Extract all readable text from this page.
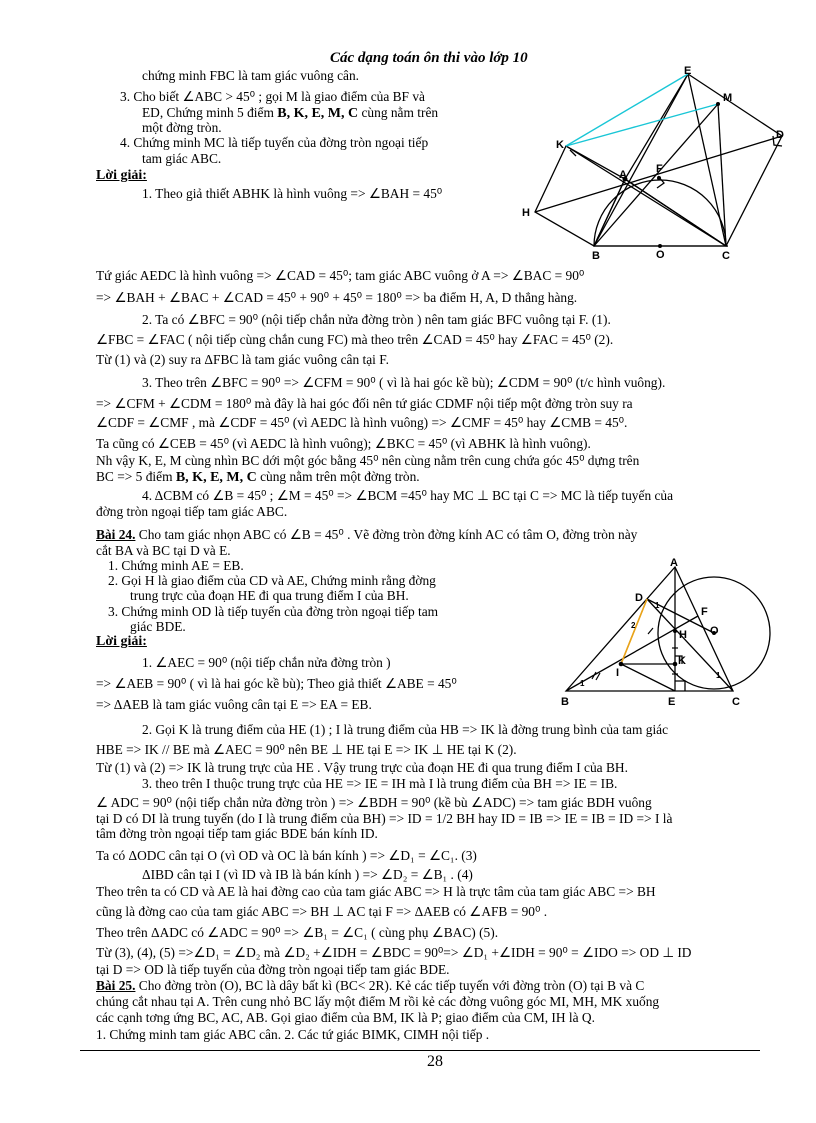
Các dạng toán ôn thi vào lớp 10
chứng minh FBC là tam giác vuông cân.
3. Cho biết ∠ABC > 45⁰ ; gọi M là giao điểm của BF và
ED, Chứng minh 5 điểm B, K, E, M, C cùng nằm trên
một đờng tròn.
4. Chứng minh MC là tiếp tuyến của đờng tròn ngoại tiếp
tam giác ABC.
Lời giải:
1. Theo giả thiết ABHK là hình vuông => ∠BAH = 45⁰
E
M
K
D
A	F
H
B	O	C
Tứ giác AEDC là hình vuông => ∠CAD = 45⁰; tam giác ABC vuông ở A => ∠BAC = 90⁰
=> ∠BAH + ∠BAC + ∠CAD = 45⁰ + 90⁰ + 45⁰ = 180⁰ => ba điểm H, A, D thẳng hàng.
2. Ta có ∠BFC = 90⁰ (nội tiếp chắn nửa đờng tròn ) nên tam giác BFC vuông tại F. (1).
∠FBC = ∠FAC ( nội tiếp cùng chắn cung FC) mà theo trên ∠CAD = 45⁰ hay ∠FAC = 45⁰ (2).
Từ (1) và (2) suy ra ΔFBC là tam giác vuông cân tại F.
3. Theo trên ∠BFC = 90⁰ => ∠CFM = 90⁰ ( vì là hai góc kề bù); ∠CDM = 90⁰ (t/c hình vuông).
=> ∠CFM + ∠CDM = 180⁰ mà đây là hai góc đối nên tứ giác CDMF nội tiếp một đờng tròn suy ra
∠CDF = ∠CMF , mà ∠CDF = 45⁰ (vì AEDC là hình vuông) => ∠CMF = 45⁰ hay ∠CMB = 45⁰.
Ta cũng có ∠CEB = 45⁰ (vì AEDC là hình vuông); ∠BKC = 45⁰ (vì ABHK là hình vuông).
Nh vậy K, E, M cùng nhìn BC dới một góc bằng 45⁰ nên cùng nằm trên cung chứa góc 45⁰ dựng trên
BC => 5 điểm B, K, E, M, C cùng nằm trên một đờng tròn.
4. ΔCBM có ∠B = 45⁰ ; ∠M = 45⁰ => ∠BCM =45⁰ hay MC ⊥ BC tại C => MC là tiếp tuyến của
đờng tròn ngoại tiếp tam giác ABC.
Bài 24. Cho tam giác nhọn ABC có ∠B = 45⁰ . Vẽ đờng tròn đờng kính AC có tâm O, đờng tròn này
cắt BA và BC tại D và E.
1. Chứng minh AE = EB.
2. Gọi H là giao điểm của CD và AE, Chứng minh rằng đờng
trung trực của đoạn HE đi qua trung điểm I của BH.
3. Chứng minh OD là tiếp tuyến của đờng tròn ngoại tiếp tam
giác BDE.
Lời giải:
1. ∠AEC = 90⁰ (nội tiếp chắn nửa đờng tròn )
=> ∠AEB = 90⁰ ( vì là hai góc kề bù); Theo giả thiết ∠ABE = 45⁰
=> ΔAEB là tam giác vuông cân tại E => EA = EB.
A
D
F
O
H
K
I
B	E	C
1
2
1
1
2. Gọi K là trung điểm của HE (1) ; I là trung điểm của HB => IK là đờng trung bình của tam giác
HBE => IK // BE mà ∠AEC = 90⁰ nên BE ⊥ HE tại E => IK ⊥ HE tại K (2).
Từ (1) và (2) => IK là trung trực của HE . Vậy trung trực của đoạn HE đi qua trung điểm I của BH.
3. theo trên I thuộc trung trực của HE => IE = IH mà I là trung điểm của BH => IE = IB.
∠ ADC = 90⁰ (nội tiếp chắn nửa đờng tròn ) => ∠BDH = 90⁰ (kề bù ∠ADC) => tam giác BDH vuông
tại D có DI là trung tuyến (do I là trung điểm của BH) => ID = 1/2 BH hay ID = IB => IE = IB = ID => I là
tâm đờng tròn ngoại tiếp tam giác BDE bán kính ID.
Ta có ΔODC cân tại O (vì OD và OC là bán kính ) => ∠D₁ = ∠C₁. (3)
ΔIBD cân tại I (vì ID và IB là bán kính ) => ∠D₂ = ∠B₁ . (4)
Theo trên ta có CD và AE là hai đờng cao của tam giác ABC => H là trực tâm của tam giác ABC => BH
cũng là đờng cao của tam giác ABC => BH ⊥ AC tại F => ΔAEB có ∠AFB = 90⁰ .
Theo trên ΔADC có ∠ADC = 90⁰ => ∠B₁ = ∠C₁ ( cùng phụ ∠BAC) (5).
Từ (3), (4), (5) =>∠D₁ = ∠D₂ mà ∠D₂ +∠IDH = ∠BDC = 90⁰=> ∠D₁ +∠IDH = 90⁰ = ∠IDO => OD ⊥ ID
tại D => OD là tiếp tuyến của đờng tròn ngoại tiếp tam giác BDE.
Bài 25. Cho đờng tròn (O), BC là dây bất kì (BC< 2R). Kẻ các tiếp tuyến với đờng tròn (O) tại B và C
chúng cắt nhau tại A. Trên cung nhỏ BC lấy một điểm M rồi kẻ các đờng vuông góc MI, MH, MK xuống
các cạnh tơng ứng BC, AC, AB. Gọi giao điểm của BM, IK là P; giao điểm của CM, IH là Q.
1. Chứng minh tam giác ABC cân. 2. Các tứ giác BIMK, CIMH nội tiếp .
28
